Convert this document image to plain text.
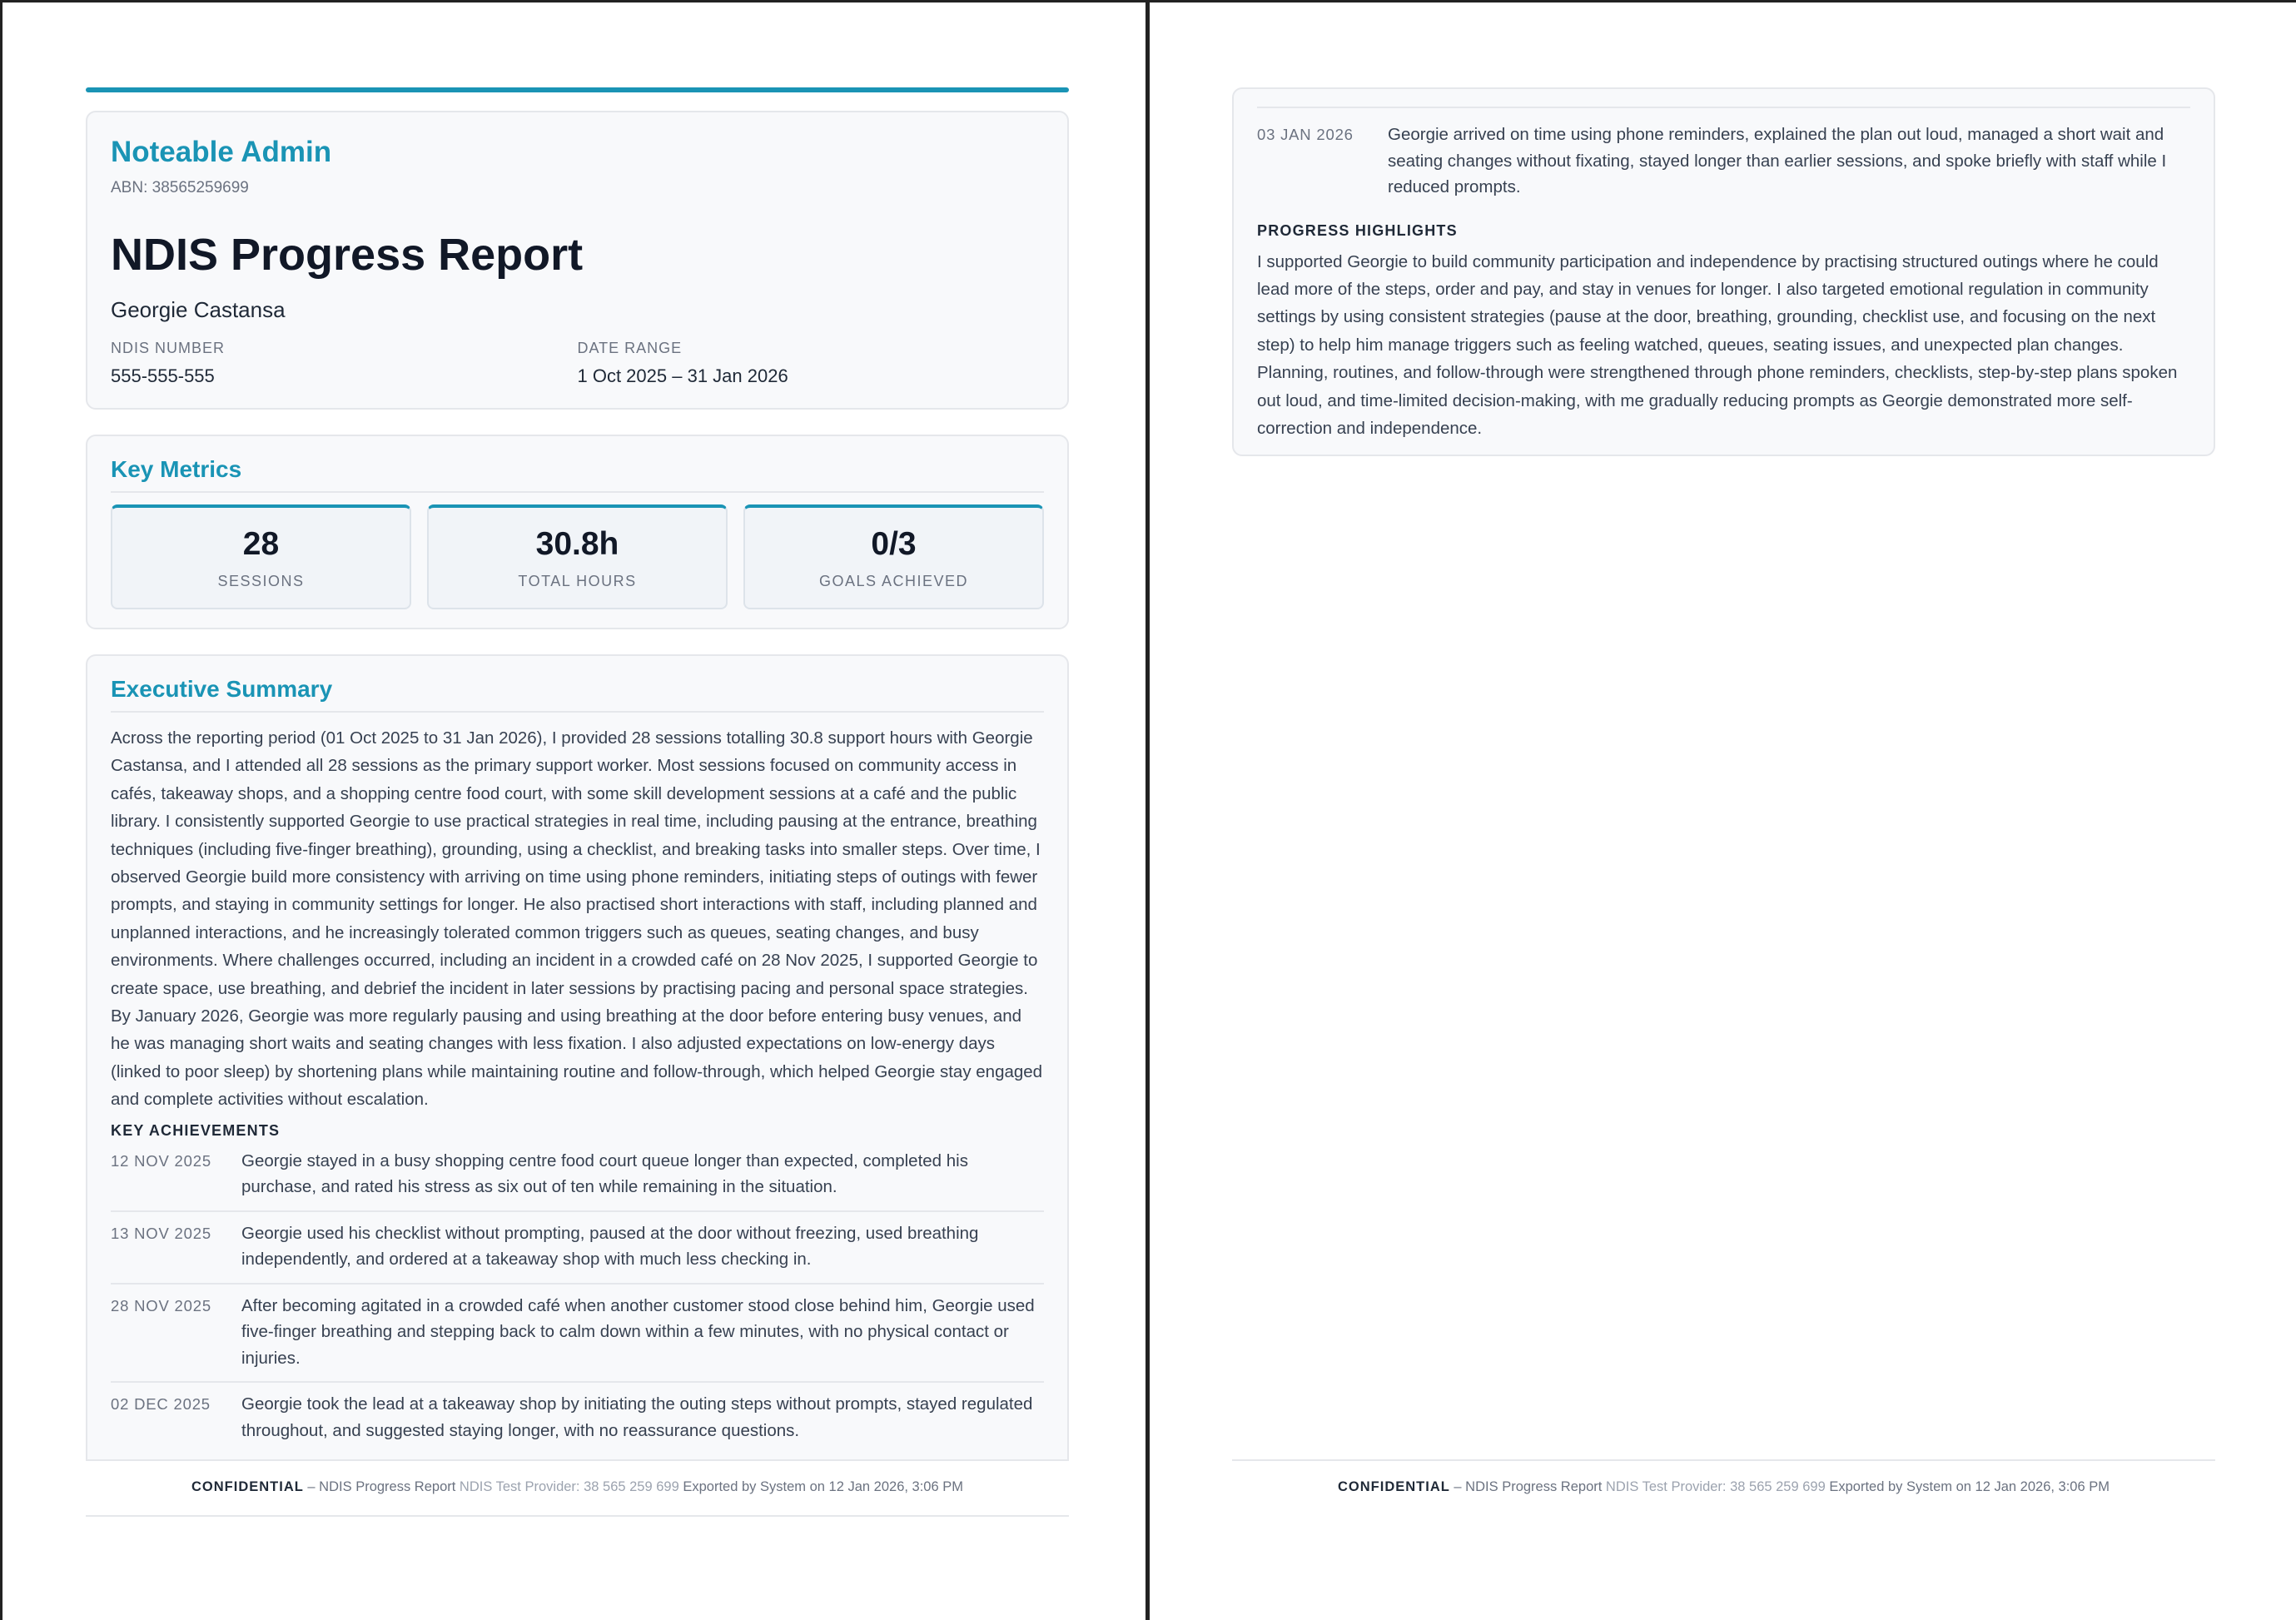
Noteable Admin
ABN: 38565259699
NDIS Progress Report
Georgie Castansa
NDIS NUMBER
555-555-555
DATE RANGE
1 Oct 2025 – 31 Jan 2026
Key Metrics
28
SESSIONS
30.8h
TOTAL HOURS
0/3
GOALS ACHIEVED
Executive Summary

Across the reporting period (01 Oct 2025 to 31 Jan 2026), I provided 28 sessions totalling 30.8 support hours with Georgie Castansa, and I attended all 28 sessions as the primary support worker. Most sessions focused on community access in cafés, takeaway shops, and a shopping centre food court, with some skill development sessions at a café and the public library. I consistently supported Georgie to use practical strategies in real time, including pausing at the entrance, breathing techniques (including five-finger breathing), grounding, using a checklist, and breaking tasks into smaller steps. Over time, I observed Georgie build more consistency with arriving on time using phone reminders, initiating steps of outings with fewer prompts, and staying in community settings for longer. He also practised short interactions with staff, including planned and unplanned interactions, and he increasingly tolerated common triggers such as queues, seating changes, and busy environments. Where challenges occurred, including an incident in a crowded café on 28 Nov 2025, I supported Georgie to create space, use breathing, and debrief the incident in later sessions by practising pacing and personal space strategies. By January 2026, Georgie was more regularly pausing and using breathing at the door before entering busy venues, and he was managing short waits and seating changes with less fixation. I also adjusted expectations on low-energy days (linked to poor sleep) by shortening plans while maintaining routine and follow-through, which helped Georgie stay engaged and complete activities without escalation.

KEY ACHIEVEMENTS
12 NOV 2025	Georgie stayed in a busy shopping centre food court queue longer than expected, completed his purchase, and rated his stress as six out of ten while remaining in the situation.
13 NOV 2025	Georgie used his checklist without prompting, paused at the door without freezing, used breathing independently, and ordered at a takeaway shop with much less checking in.
28 NOV 2025	After becoming agitated in a crowded café when another customer stood close behind him, Georgie used five-finger breathing and stepping back to calm down within a few minutes, with no physical contact or injuries.
02 DEC 2025	Georgie took the lead at a takeaway shop by initiating the outing steps without prompts, stayed regulated throughout, and suggested staying longer, with no reassurance questions.
CONFIDENTIAL – NDIS Progress Report NDIS Test Provider: 38 565 259 699 Exported by System on 12 Jan 2026, 3:06 PM
03 JAN 2026	Georgie arrived on time using phone reminders, explained the plan out loud, managed a short wait and seating changes without fixating, stayed longer than earlier sessions, and spoke briefly with staff while I reduced prompts.
PROGRESS HIGHLIGHTS

I supported Georgie to build community participation and independence by practising structured outings where he could lead more of the steps, order and pay, and stay in venues for longer. I also targeted emotional regulation in community settings by using consistent strategies (pause at the door, breathing, grounding, checklist use, and focusing on the next step) to help him manage triggers such as feeling watched, queues, seating issues, and unexpected plan changes. Planning, routines, and follow-through were strengthened through phone reminders, checklists, step-by-step plans spoken out loud, and time-limited decision-making, with me gradually reducing prompts as Georgie demonstrated more self-correction and independence.

CONFIDENTIAL – NDIS Progress Report NDIS Test Provider: 38 565 259 699 Exported by System on 12 Jan 2026, 3:06 PM
